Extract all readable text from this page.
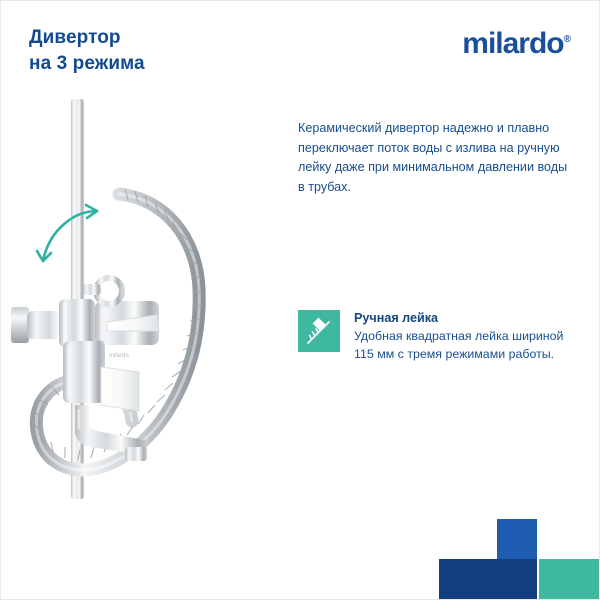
Дивертор
на 3 режима
milardo®
Керамический дивертор надежно и плавно переключает поток воды с излива на ручную лейку даже при минимальном давлении воды в трубах.
Ручная лейка
Удобная квадратная лейка шириной 115 мм с тремя режимами работы.
milardo
